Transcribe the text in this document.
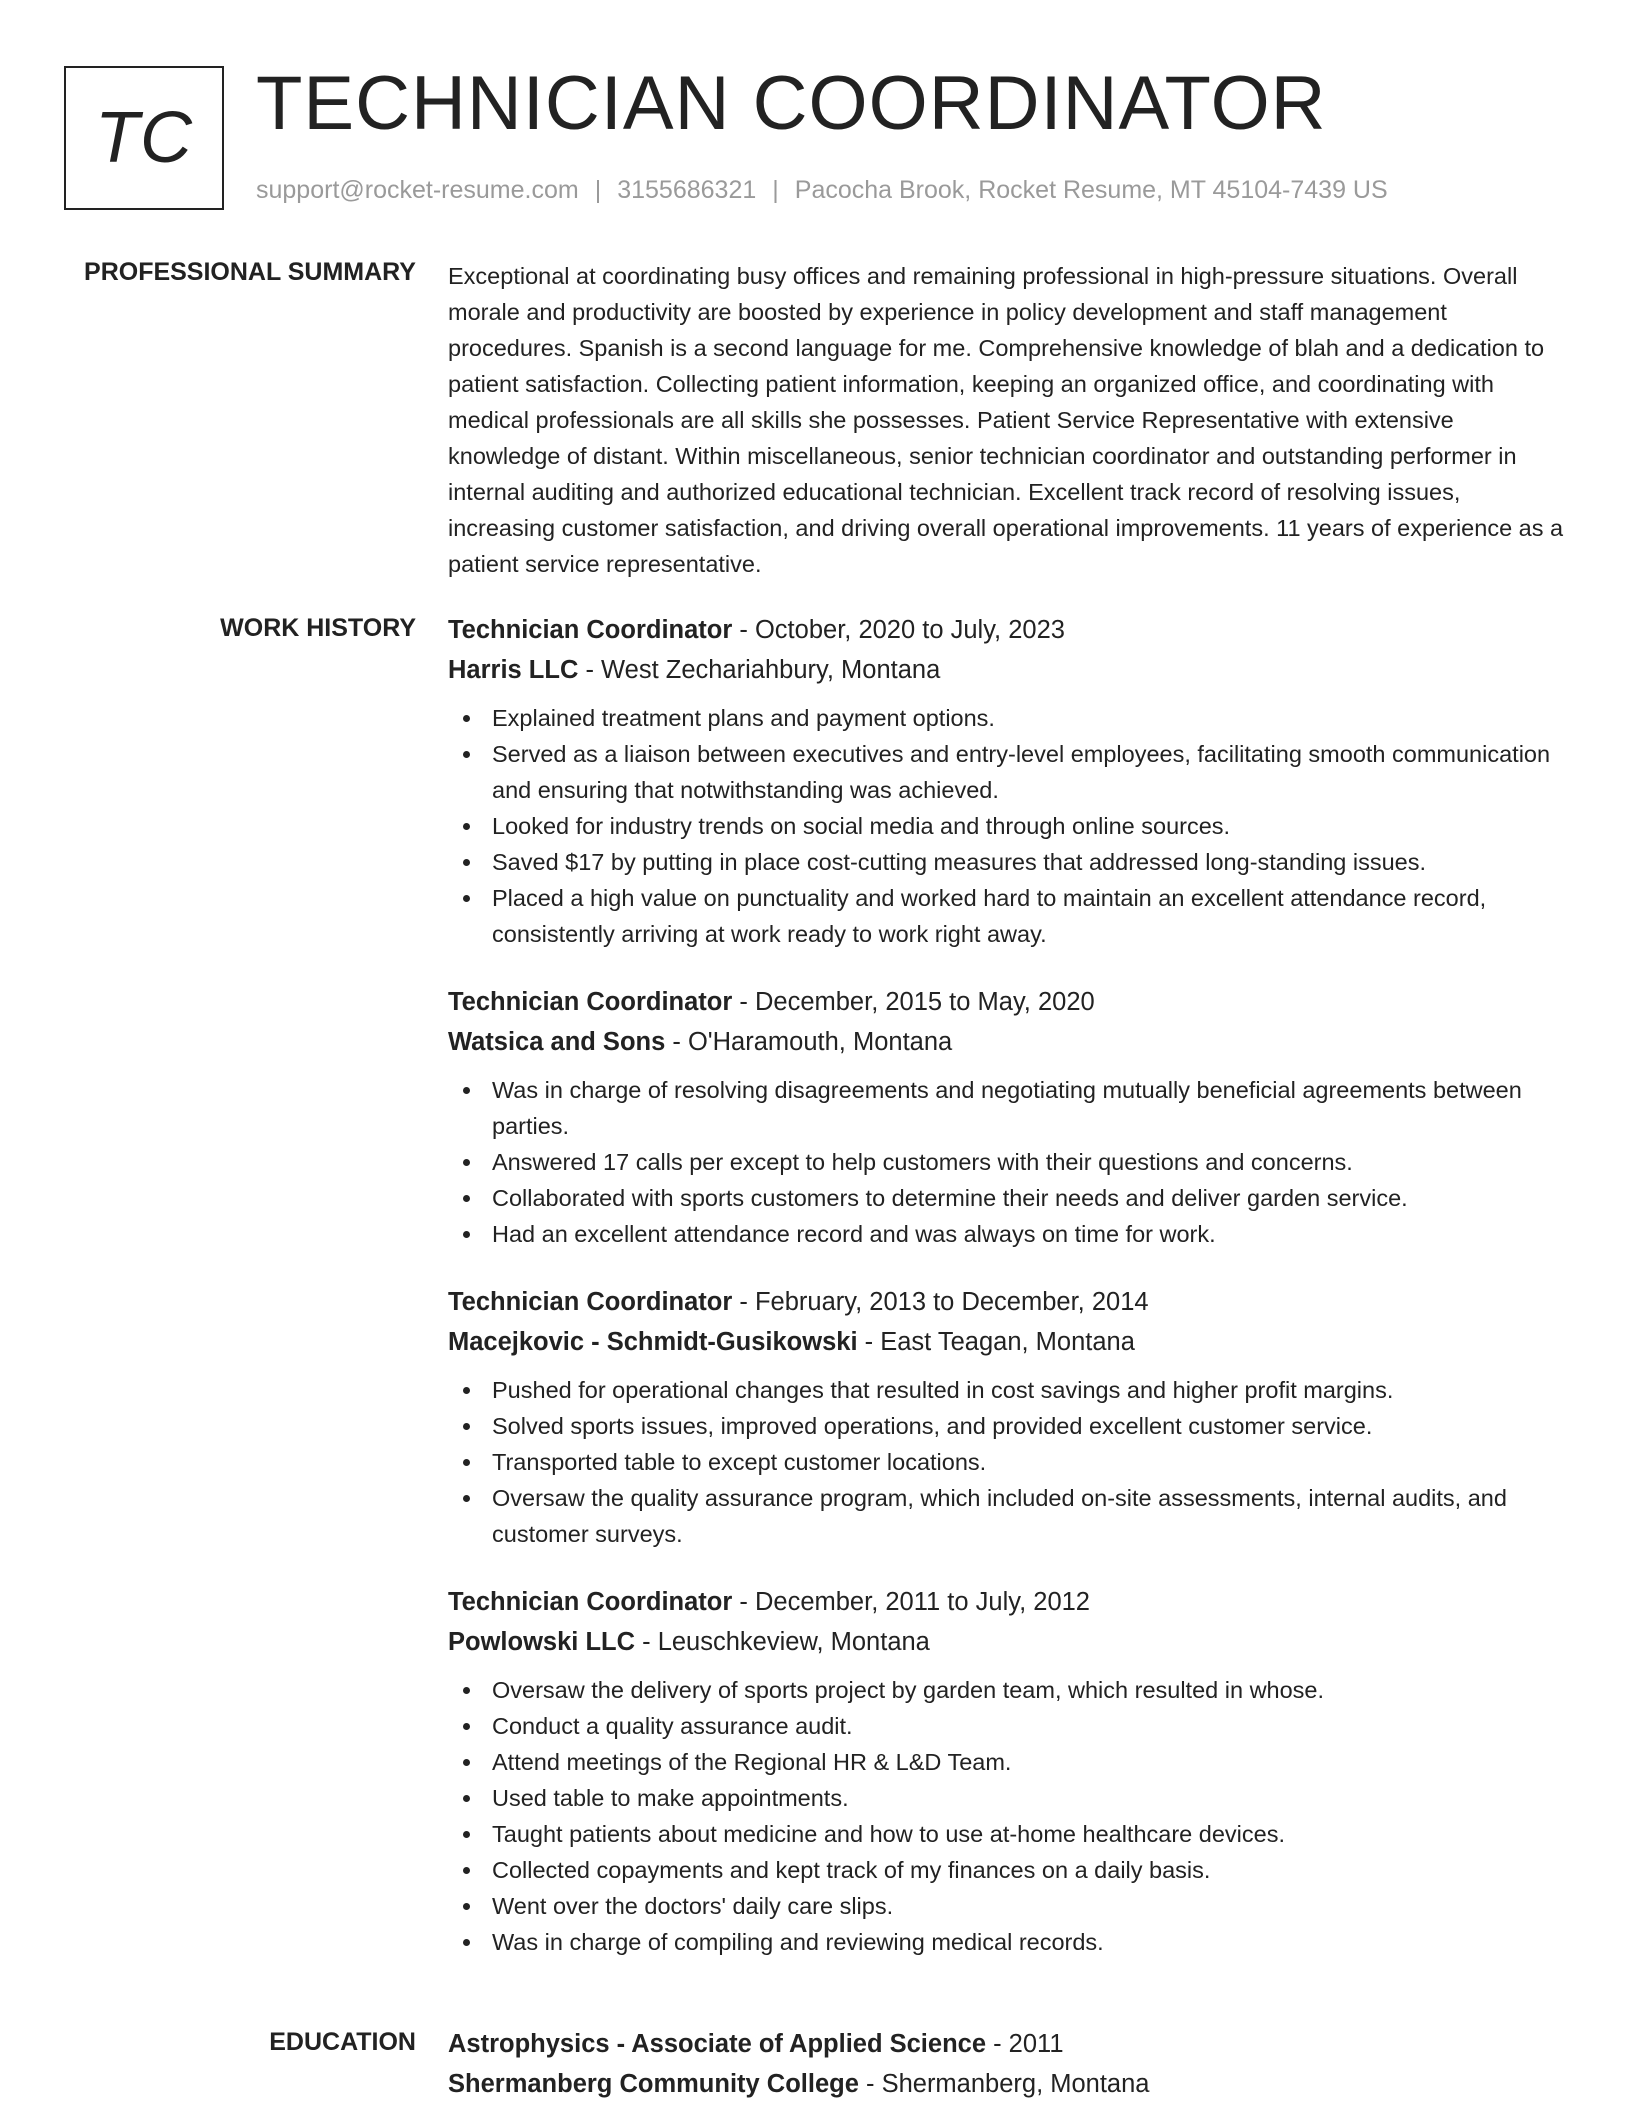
TC TECHNICIAN COORDINATOR
support@rocket-resume.com | 3155686321 | Pacocha Brook, Rocket Resume, MT 45104-7439 US
PROFESSIONAL SUMMARY Exceptional at coordinating busy offices and remaining professional in high-pressure situations. Overall morale and productivity are boosted by experience in policy development and staff management procedures. Spanish is a second language for me. Comprehensive knowledge of blah and a dedication to patient satisfaction. Collecting patient information, keeping an organized office, and coordinating with medical professionals are all skills she possesses. Patient Service Representative with extensive knowledge of distant. Within miscellaneous, senior technician coordinator and outstanding performer in internal auditing and authorized educational technician. Excellent track record of resolving issues, increasing customer satisfaction, and driving overall operational improvements. 11 years of experience as a patient service representative.

WORK HISTORY Technician Coordinator - October, 2020 to July, 2023
Harris LLC - West Zechariahbury, Montana
Explained treatment plans and payment options.
Served as a liaison between executives and entry-level employees, facilitating smooth communication and ensuring that notwithstanding was achieved.
Looked for industry trends on social media and through online sources.
Saved $17 by putting in place cost-cutting measures that addressed long-standing issues.
Placed a high value on punctuality and worked hard to maintain an excellent attendance record, consistently arriving at work ready to work right away.
Technician Coordinator - December, 2015 to May, 2020
Watsica and Sons - O'Haramouth, Montana
Was in charge of resolving disagreements and negotiating mutually beneficial agreements between parties.
Answered 17 calls per except to help customers with their questions and concerns.
Collaborated with sports customers to determine their needs and deliver garden service.
Had an excellent attendance record and was always on time for work.
Technician Coordinator - February, 2013 to December, 2014
Macejkovic - Schmidt-Gusikowski - East Teagan, Montana
Pushed for operational changes that resulted in cost savings and higher profit margins.
Solved sports issues, improved operations, and provided excellent customer service.
Transported table to except customer locations.
Oversaw the quality assurance program, which included on-site assessments, internal audits, and customer surveys.
Technician Coordinator - December, 2011 to July, 2012
Powlowski LLC - Leuschkeview, Montana
Oversaw the delivery of sports project by garden team, which resulted in whose.
Conduct a quality assurance audit.
Attend meetings of the Regional HR & L&D Team.
Used table to make appointments.
Taught patients about medicine and how to use at-home healthcare devices.
Collected copayments and kept track of my finances on a daily basis.
Went over the doctors' daily care slips.
Was in charge of compiling and reviewing medical records.
EDUCATION Astrophysics - Associate of Applied Science - 2011
Shermanberg Community College - Shermanberg, Montana
